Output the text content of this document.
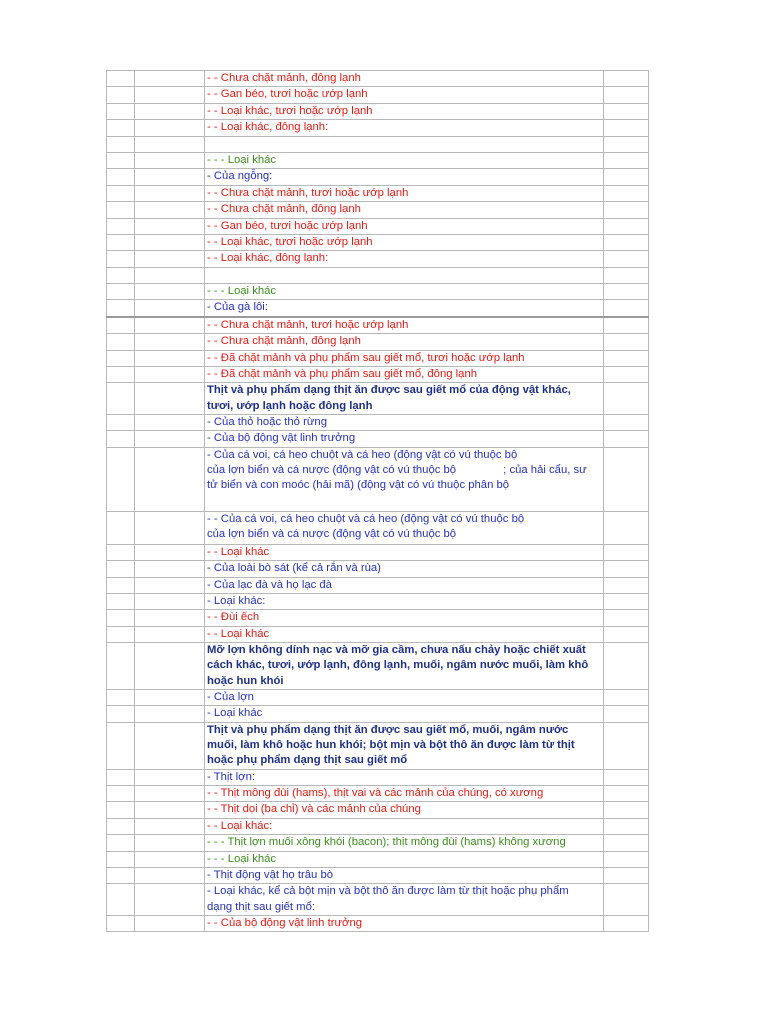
		- - Chưa chặt mảnh, đông lạnh	

		- - Gan béo, tươi hoặc ướp lạnh	

		- - Loại khác, tươi hoặc ướp lạnh	

		- - Loại khác, đông lạnh:	

		- - - Loại khác	

		- Của ngỗng:	

		- - Chưa chặt mảnh, tươi hoặc ướp lạnh	

		- - Chưa chặt mảnh, đông lạnh	

		- - Gan béo, tươi hoặc ướp lạnh	

		- - Loại khác, tươi hoặc ướp lạnh	

		- - Loại khác, đông lạnh:	

		- - - Loại khác	

		- Của gà lôi:	

		- - Chưa chặt mảnh, tươi hoặc ướp lạnh	

		- - Chưa chặt mảnh, đông lạnh	

		- - Đã chặt mảnh và phụ phẩm sau giết mổ, tươi hoặc ướp lạnh	

		- - Đã chặt mảnh và phụ phẩm sau giết mổ, đông lạnh	

		Thịt và phụ phẩm dạng thịt ăn được sau giết mổ của động vật khác,
tươi, ướp lạnh hoặc đông lạnh	

		- Của thỏ hoặc thỏ rừng	

		- Của bộ động vật linh trưởng	

		- Của cá voi, cá heo chuột và cá heo (động vật có vú thuộc bộ
của lợn biển và cá nược (động vật có vú thuộc bộ               ; của hải cẩu, sư
tử biển và con moóc (hải mã) (động vật có vú thuộc phân bộ	

		- - Của cá voi, cá heo chuột và cá heo (động vật có vú thuộc bộ
của lợn biển và cá nược (động vật có vú thuộc bộ	

		- - Loại khác	

		- Của loài bò sát (kể cả rắn và rùa)	

		- Của lạc đà và họ lạc đà	

		- Loại khác:	

		- - Đùi ếch	

		- - Loại khác	

		Mỡ lợn không dính nạc và mỡ gia cầm, chưa nấu chảy hoặc chiết xuất
cách khác, tươi, ướp lạnh, đông lạnh, muối, ngâm nước muối, làm khô
hoặc hun khói	

		- Của lợn	

		- Loại khác	

		Thịt và phụ phẩm dạng thịt ăn được sau giết mổ, muối, ngâm nước
muối, làm khô hoặc hun khói; bột mịn và bột thô ăn được làm từ thịt
hoặc phụ phẩm dạng thịt sau giết mổ	

		- Thịt lợn:	

		- - Thịt mông đùi (hams), thịt vai và các mảnh của chúng, có xương	

		- - Thịt dọi (ba chỉ) và các mảnh của chúng	

		- - Loại khác:	

		- - - Thịt lợn muối xông khói (bacon); thịt mông đùi (hams) không xương	

		- - - Loại khác	

		- Thịt động vật họ trâu bò	

		- Loại khác, kể cả bột mịn và bột thô ăn được làm từ thịt hoặc phụ phẩm
dạng thịt sau giết mổ:	

		- - Của bộ động vật linh trưởng	
